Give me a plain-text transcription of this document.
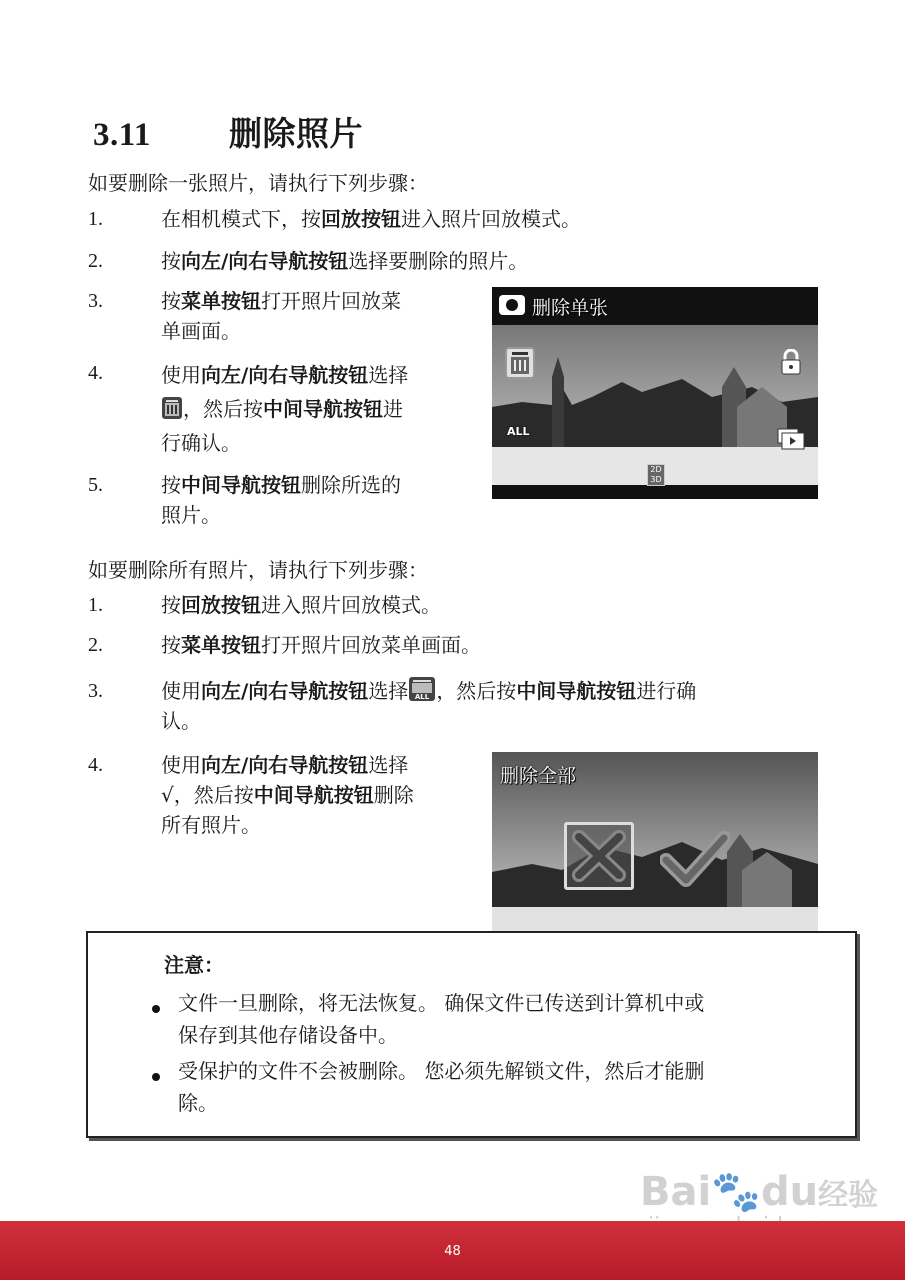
3.11 删除照片
如要删除一张照片，请执行下列步骤：
1.	在相机模式下，按回放按钮进入照片回放模式。
2.	按向左/向右导航按钮选择要删除的照片。
3.	按菜单按钮打开照片回放菜
单画面。
4.	使用向左/向右导航按钮选择
，然后按中间导航按钮进
行确认。
5.	按中间导航按钮删除所选的
照片。
删除单张
ALL
2D
3D
如要删除所有照片，请执行下列步骤：
1.	按回放按钮进入照片回放模式。
2.	按菜单按钮打开照片回放菜单画面。
3.	使用向左/向右导航按钮选择 ALL ，然后按中间导航按钮进行确
认。
4.	使用向左/向右导航按钮选择
√，然后按中间导航按钮删除
所有照片。
删除全部
注意：
文件一旦删除，将无法恢复。 确保文件已传送到计算机中或
保存到其他存储设备中。
受保护的文件不会被删除。 您必须先解锁文件，然后才能删
除。
Bai🐾du经验
48
